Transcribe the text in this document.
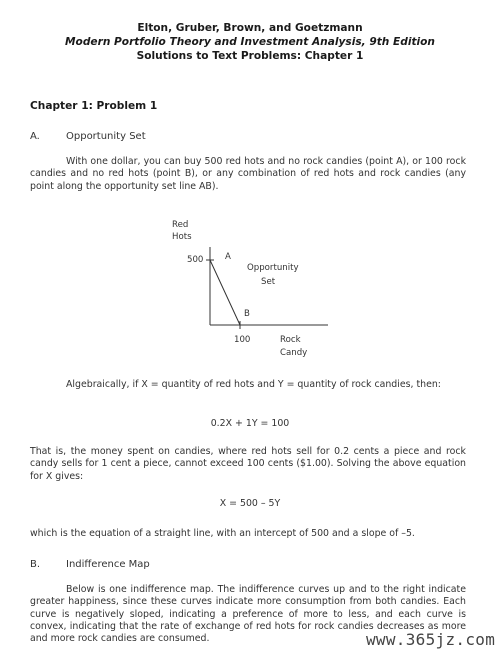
Elton, Gruber, Brown, and Goetzmann
Modern Portfolio Theory and Investment Analysis, 9th Edition
Solutions to Text Problems: Chapter 1
Chapter 1: Problem 1
A.	Opportunity Set
With one dollar, you can buy 500 red hots and no rock candies (point A), or 100 rock candies and no red hots (point B), or any combination of red hots and rock candies (any point along the opportunity set line AB).
Red
Hots
500	A
Opportunity
Set
B
100	Rock
Candy
Algebraically, if X = quantity of red hots and Y = quantity of rock candies, then:
0.2X + 1Y = 100
That is, the money spent on candies, where red hots sell for 0.2 cents a piece and rock candy sells for 1 cent a piece, cannot exceed 100 cents ($1.00). Solving the above equation for X gives:
X = 500 – 5Y
which is the equation of a straight line, with an intercept of 500 and a slope of –5.
B.	Indifference Map
Below is one indifference map. The indifference curves up and to the right indicate greater happiness, since these curves indicate more consumption from both candies. Each curve is negatively sloped, indicating a preference of more to less, and each curve is convex, indicating that the rate of exchange of red hots for rock candies decreases as more and more rock candies are consumed.	www.365jz.com
